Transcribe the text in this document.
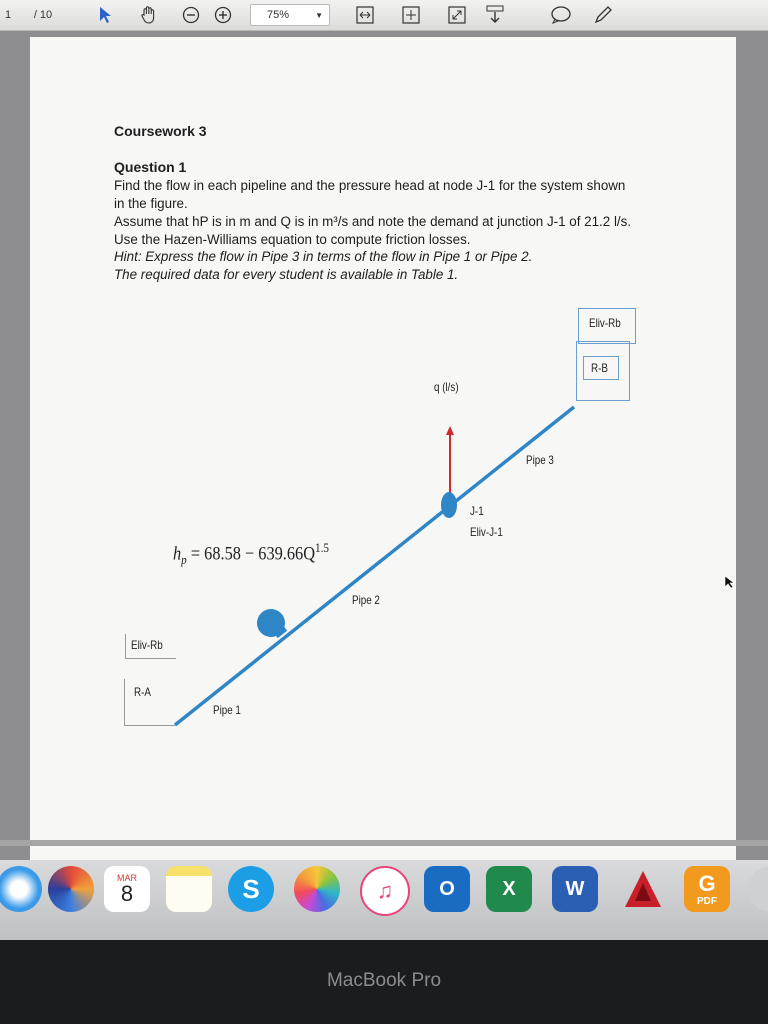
1	/ 10	75%	▼
Coursework 3
Question 1
Find the flow in each pipeline and the pressure head at node J-1 for the system shown in the figure.
Assume that hP is in m and Q is in m³/s and note the demand at junction J-1 of 21.2 l/s. Use the Hazen-Williams equation to compute friction losses.
Hint: Express the flow in Pipe 3 in terms of the flow in Pipe 1 or Pipe 2.
The required data for every student is available in Table 1.
Eliv-Rb
R-B
q (l/s)
Pipe 3
J-1
Eliv-J-1
$h_p = 68.58 - 639.66Q^{1.5}$
Pipe 2
Eliv-Rb
R-A
Pipe 1
MAR
8	S	♫	O X W	G
PDF
MacBook Pro
